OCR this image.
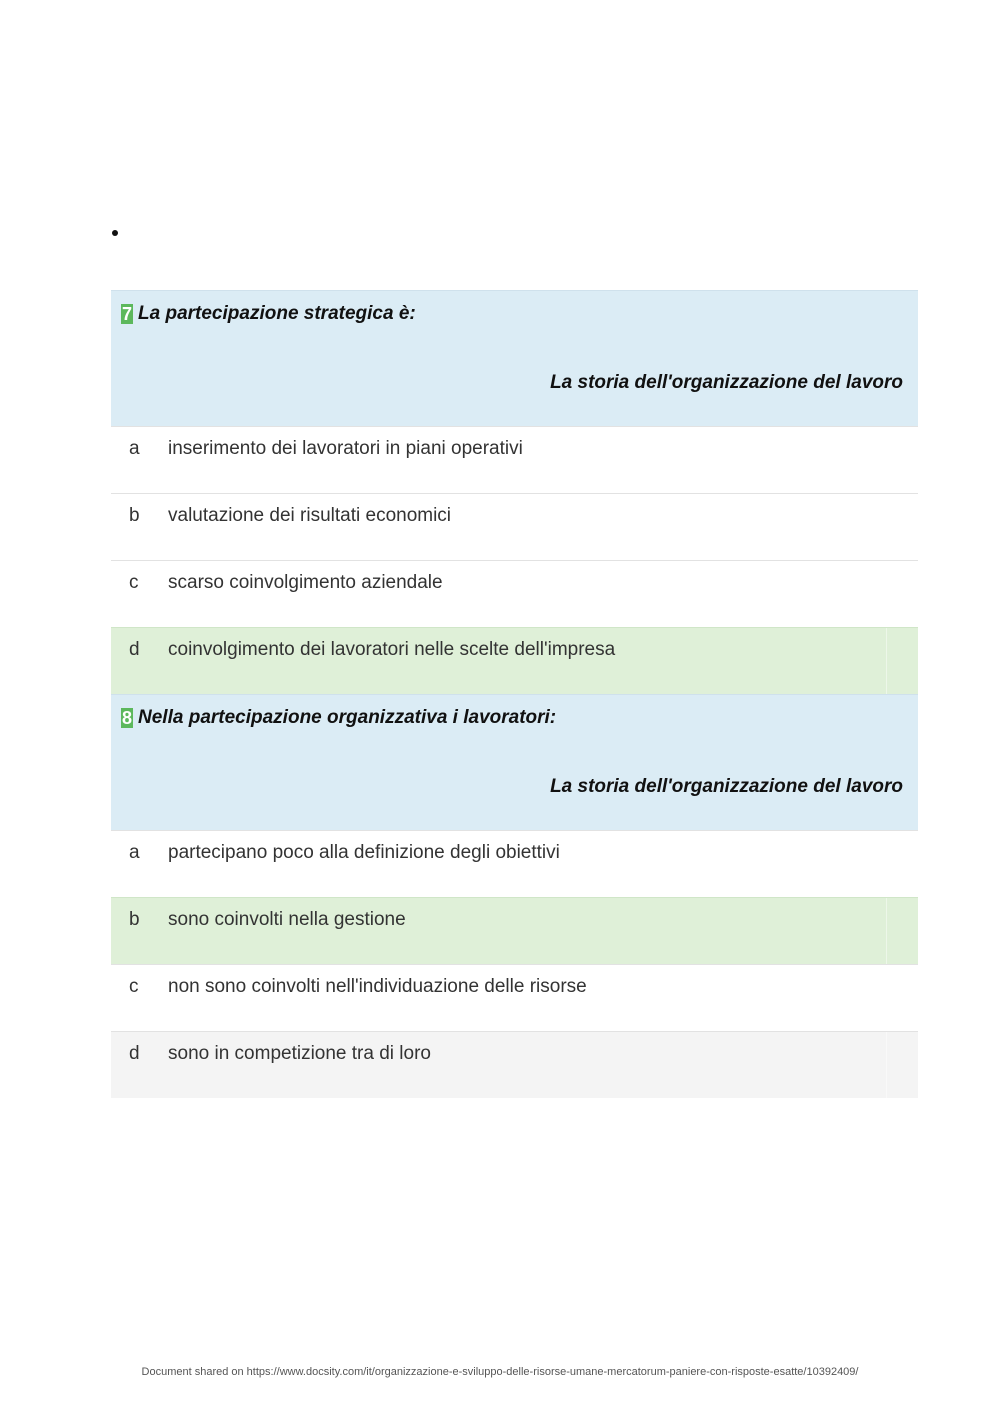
7 La partecipazione strategica è:
La storia dell'organizzazione del lavoro
a inserimento dei lavoratori in piani operativi
b valutazione dei risultati economici
c scarso coinvolgimento aziendale
d coinvolgimento dei lavoratori nelle scelte dell'impresa
8 Nella partecipazione organizzativa i lavoratori:
La storia dell'organizzazione del lavoro
a partecipano poco alla definizione degli obiettivi
b sono coinvolti nella gestione
c non sono coinvolti nell'individuazione delle risorse
d sono in competizione tra di loro
Document shared on https://www.docsity.com/it/organizzazione-e-sviluppo-delle-risorse-umane-mercatorum-paniere-con-risposte-esatte/10392409/
